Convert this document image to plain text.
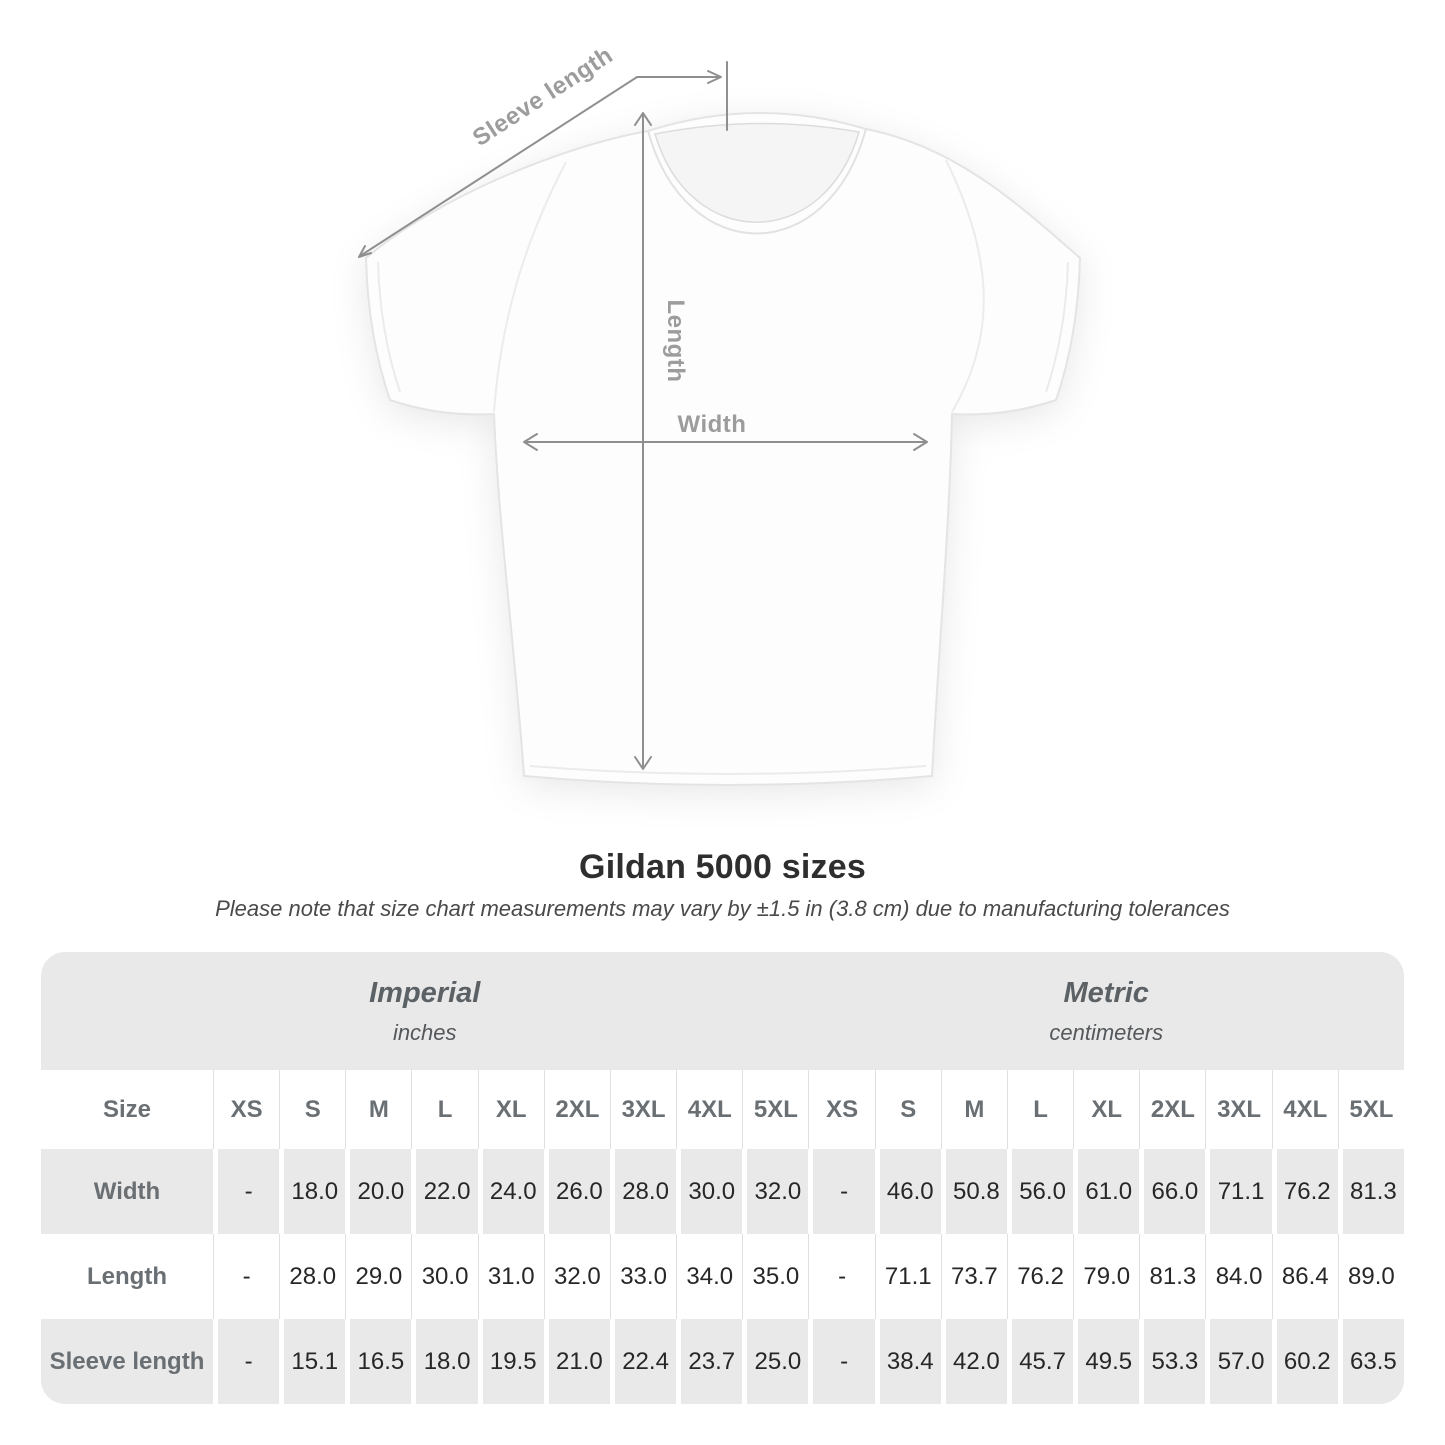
Sleeve length
Length
Width
Gildan 5000 sizes
Please note that size chart measurements may vary by ±1.5 in (3.8 cm) due to manufacturing tolerances
Imperial
inches
Metric
centimeters
Size	XS	S	M	L	XL	2XL 3XL 4XL 5XL	XS	S	M	L	XL	2XL 3XL 4XL 5XL
Width	-	18.0 20.0 22.0 24.0 26.0 28.0 30.0 32.0	-	46.0 50.8 56.0 61.0 66.0 71.1 76.2 81.3
Length	-	28.0 29.0 30.0 31.0 32.0 33.0 34.0 35.0	-	71.1 73.7 76.2 79.0 81.3 84.0 86.4 89.0
Sleeve length	-	15.1 16.5 18.0 19.5 21.0 22.4 23.7 25.0	-	38.4 42.0 45.7 49.5 53.3 57.0 60.2 63.5
